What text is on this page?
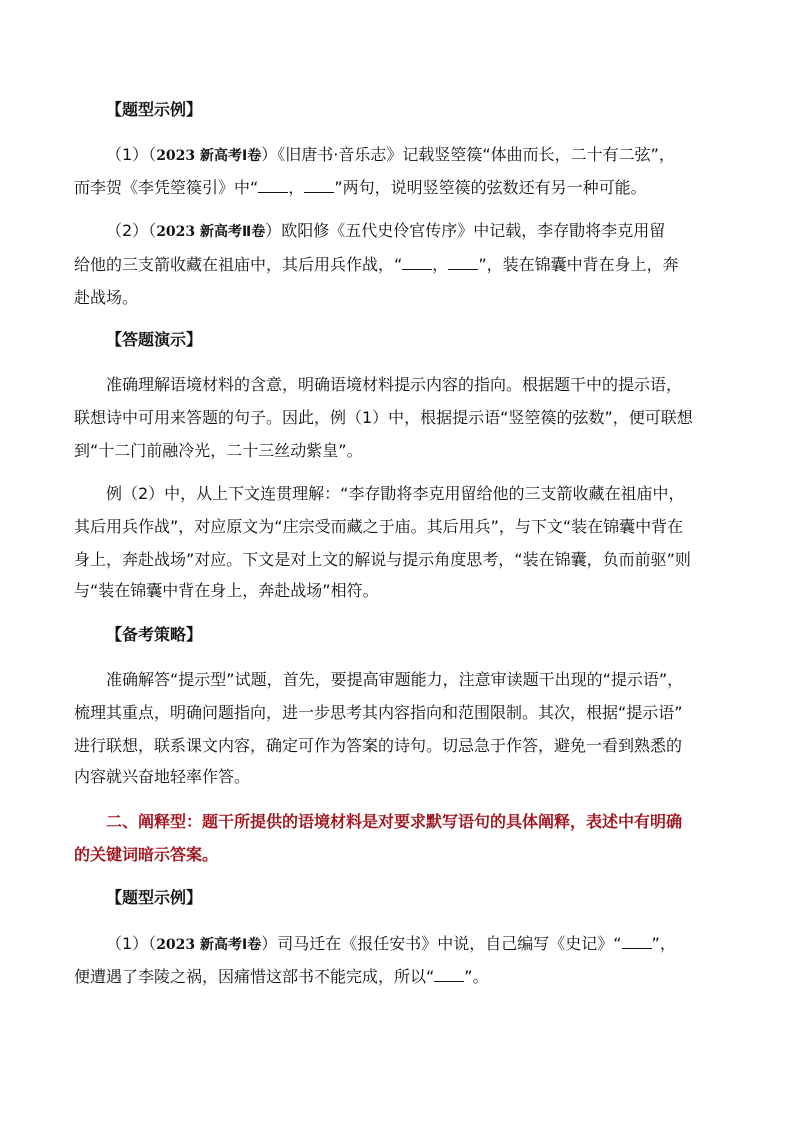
【题型示例】
（1）（2023 新高考Ⅰ卷）《旧唐书·音乐志》记载竖箜篌“体曲而长，二十有二弦”，
而李贺《李凭箜篌引》中“ ， ”两句，说明竖箜篌的弦数还有另一种可能。
（2）（2023 新高考Ⅱ卷）欧阳修《五代史伶官传序》中记载，李存勖将李克用留
给他的三支箭收藏在祖庙中，其后用兵作战，“ ， ”，装在锦囊中背在身上，奔
赴战场。
【答题演示】
准确理解语境材料的含意，明确语境材料提示内容的指向。根据题干中的提示语，
联想诗中可用来答题的句子。因此，例（1）中，根据提示语“竖箜篌的弦数”，便可联想
到“十二门前融冷光，二十三丝动紫皇”。
例（2）中，从上下文连贯理解：“李存勖将李克用留给他的三支箭收藏在祖庙中，
其后用兵作战”，对应原文为“庄宗受而藏之于庙。其后用兵”，与下文“装在锦囊中背在
身上，奔赴战场”对应。下文是对上文的解说与提示角度思考，“装在锦囊，负而前驱”则
与“装在锦囊中背在身上，奔赴战场”相符。
【备考策略】
准确解答“提示型”试题，首先，要提高审题能力，注意审读题干出现的“提示语”，
梳理其重点，明确问题指向，进一步思考其内容指向和范围限制。其次，根据“提示语”
进行联想，联系课文内容，确定可作为答案的诗句。切忌急于作答，避免一看到熟悉的
内容就兴奋地轻率作答。
二、阐释型：题干所提供的语境材料是对要求默写语句的具体阐释，表述中有明确
的关键词暗示答案。
【题型示例】
（1）（2023 新高考Ⅰ卷）司马迁在《报任安书》中说，自己编写《史记》“ ”，
便遭遇了李陵之祸，因痛惜这部书不能完成，所以“ ”。
